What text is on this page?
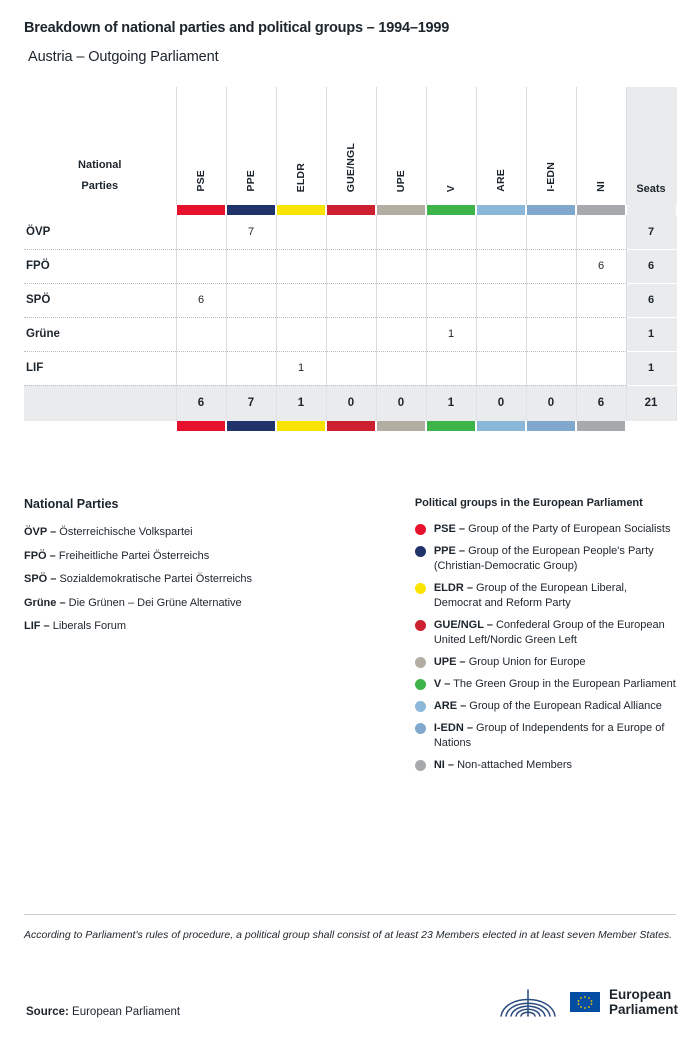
Breakdown of national parties and political groups – 1994–1999
Austria – Outgoing Parliament
National
Parties	PSE	PPE	ELDR	GUE/NGL	UPE	V	ARE	I-EDN	NI	Seats

ÖVP		7								7
FPÖ									6	6
SPÖ	6									6
Grüne						1				1
LIF			1							1
	6	7	1	0	0	1	0	0	6	21

National Parties
ÖVP – Österreichische Volkspartei
FPÖ – Freiheitliche Partei Österreichs
SPÖ – Sozialdemokratische Partei Österreichs
Grüne – Die Grünen – Dei Grüne Alternative
LIF – Liberals Forum
Political groups in the European Parliament
PSE – Group of the Party of European Socialists
PPE – Group of the European People's Party (Christian-Democratic Group)
ELDR – Group of the European Liberal, Democrat and Reform Party
GUE/NGL – Confederal Group of the European United Left/Nordic Green Left
UPE – Group Union for Europe
V – The Green Group in the European Parliament
ARE – Group of the European Radical Alliance
I-EDN – Group of Independents for a Europe of Nations
NI – Non-attached Members
According to Parliament's rules of procedure, a political group shall consist of at least 23 Members elected in at least seven Member States.
Source: European Parliament
European
Parliament
